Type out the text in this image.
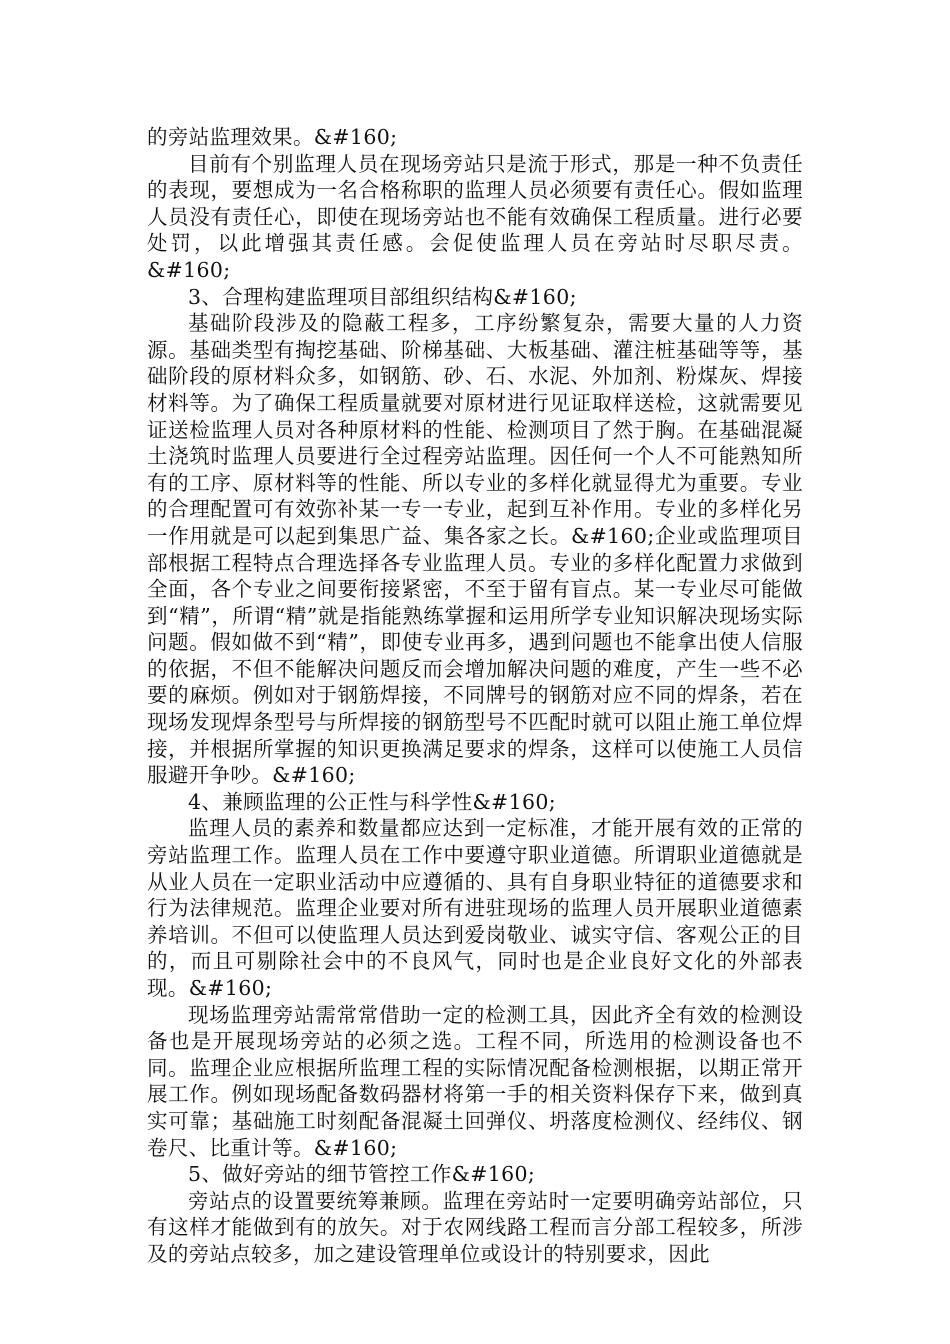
的旁站监理效果。&#160;

目前有个别监理人员在现场旁站只是流于形式，那是一种不负责任的表现，要想成为一名合格称职的监理人员必须要有责任心。假如监理人员没有责任心，即使在现场旁站也不能有效确保工程质量。进行必要处罚，以此增强其责任感。会促使监理人员在旁站时尽职尽责。&#160;

3、合理构建监理项目部组织结构&#160;

基础阶段涉及的隐蔽工程多，工序纷繁复杂，需要大量的人力资源。基础类型有掏挖基础、阶梯基础、大板基础、灌注桩基础等等，基础阶段的原材料众多，如钢筋、砂、石、水泥、外加剂、粉煤灰、焊接材料等。为了确保工程质量就要对原材进行见证取样送检，这就需要见证送检监理人员对各种原材料的性能、检测项目了然于胸。在基础混凝土浇筑时监理人员要进行全过程旁站监理。因任何一个人不可能熟知所有的工序、原材料等的性能、所以专业的多样化就显得尤为重要。专业的合理配置可有效弥补某一专一专业，起到互补作用。专业的多样化另一作用就是可以起到集思广益、集各家之长。&#160;企业或监理项目部根据工程特点合理选择各专业监理人员。专业的多样化配置力求做到全面，各个专业之间要衔接紧密，不至于留有盲点。某一专业尽可能做到“精”，所谓“精”就是指能熟练掌握和运用所学专业知识解决现场实际问题。假如做不到“精”，即使专业再多，遇到问题也不能拿出使人信服的依据，不但不能解决问题反而会增加解决问题的难度，产生一些不必要的麻烦。例如对于钢筋焊接，不同牌号的钢筋对应不同的焊条，若在现场发现焊条型号与所焊接的钢筋型号不匹配时就可以阻止施工单位焊接，并根据所掌握的知识更换满足要求的焊条，这样可以使施工人员信服避开争吵。&#160;

4、兼顾监理的公正性与科学性&#160;

监理人员的素养和数量都应达到一定标准，才能开展有效的正常的旁站监理工作。监理人员在工作中要遵守职业道德。所谓职业道德就是从业人员在一定职业活动中应遵循的、具有自身职业特征的道德要求和行为法律规范。监理企业要对所有进驻现场的监理人员开展职业道德素养培训。不但可以使监理人员达到爱岗敬业、诚实守信、客观公正的目的，而且可剔除社会中的不良风气，同时也是企业良好文化的外部表现。&#160;

现场监理旁站需常常借助一定的检测工具，因此齐全有效的检测设备也是开展现场旁站的必须之选。工程不同，所选用的检测设备也不同。监理企业应根据所监理工程的实际情况配备检测根据，以期正常开展工作。例如现场配备数码器材将第一手的相关资料保存下来，做到真实可靠；基础施工时刻配备混凝土回弹仪、坍落度检测仪、经纬仪、钢卷尺、比重计等。&#160;

5、做好旁站的细节管控工作&#160;

旁站点的设置要统筹兼顾。监理在旁站时一定要明确旁站部位，只有这样才能做到有的放矢。对于农网线路工程而言分部工程较多，所涉及的旁站点较多，加之建设管理单位或设计的特别要求，因此
